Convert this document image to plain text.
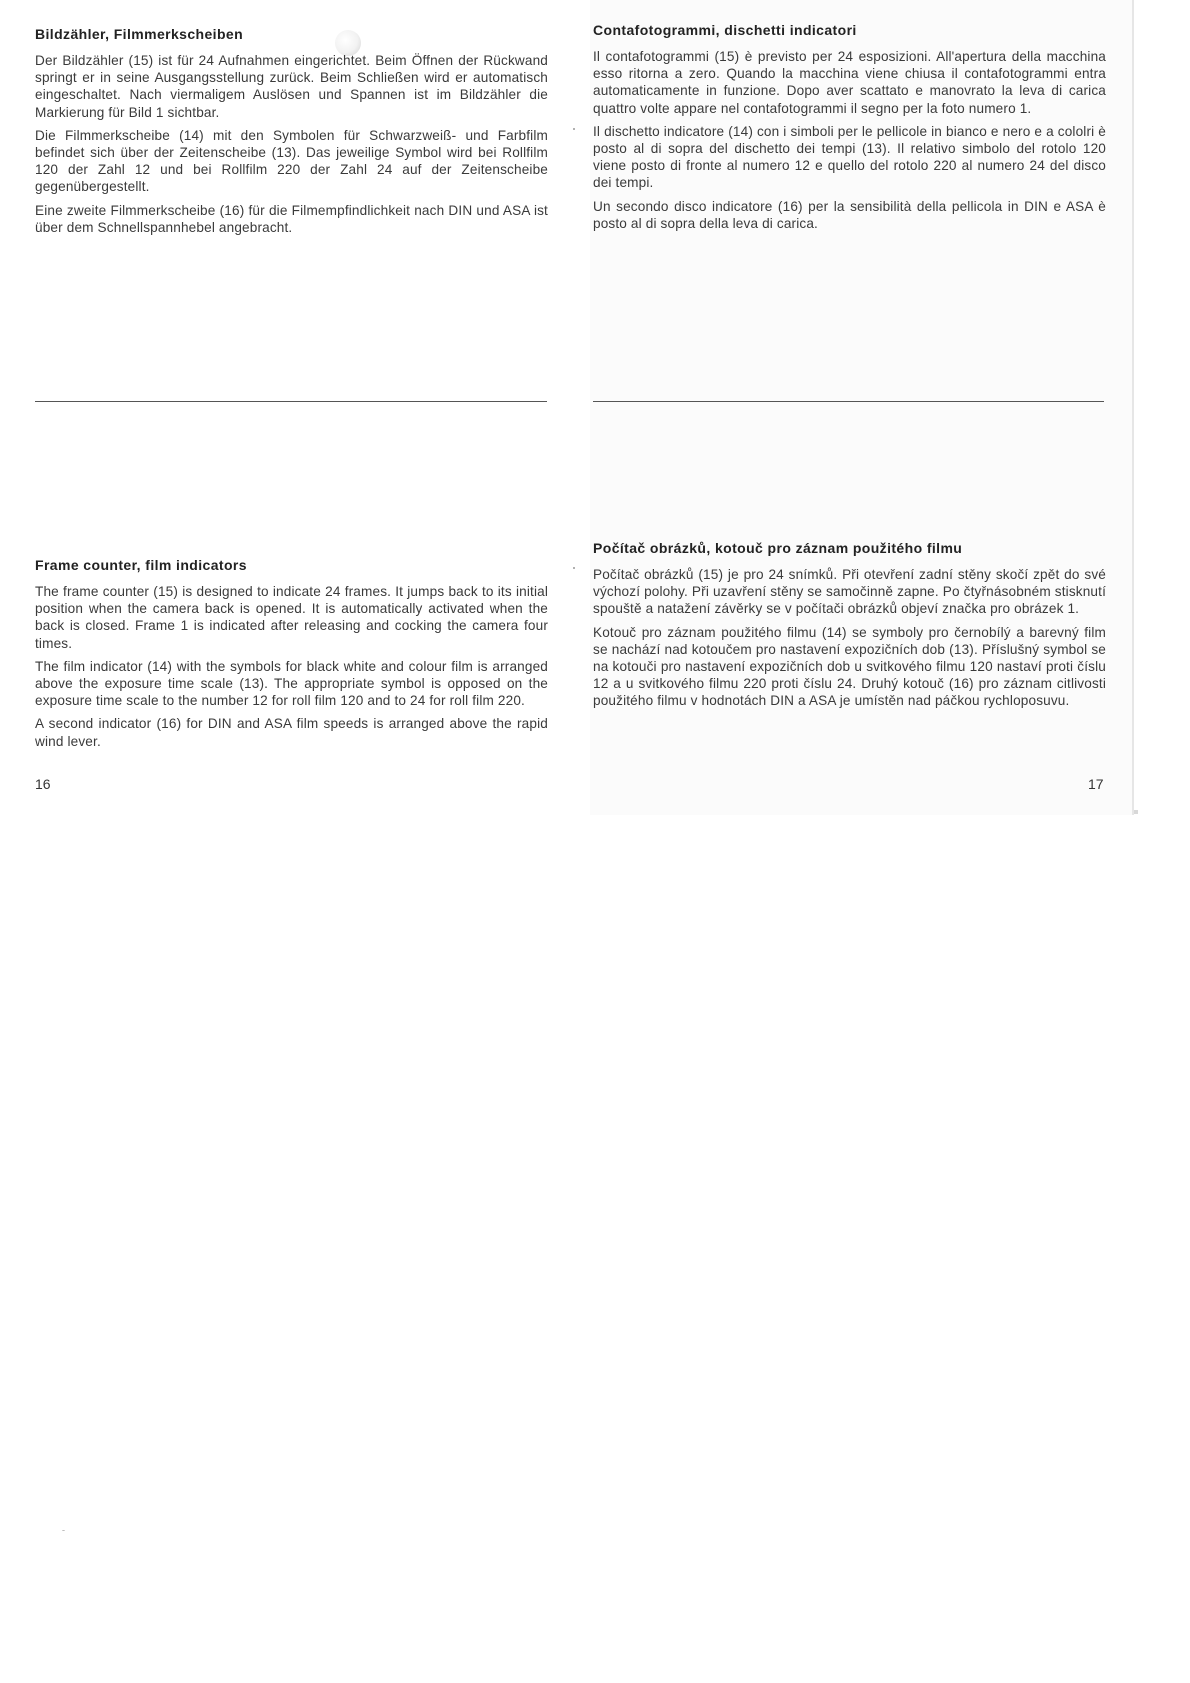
Bildzähler, Filmmerkscheiben

Der Bildzähler (15) ist für 24 Aufnahmen eingerichtet. Beim Öffnen der Rückwand springt er in seine Ausgangsstellung zurück. Beim Schließen wird er automatisch eingeschaltet. Nach viermaligem Auslösen und Spannen ist im Bildzähler die Markierung für Bild 1 sichtbar.

Die Filmmerkscheibe (14) mit den Symbolen für Schwarzweiß- und Farbfilm befindet sich über der Zeitenscheibe (13). Das jeweilige Symbol wird bei Rollfilm 120 der Zahl 12 und bei Rollfilm 220 der Zahl 24 auf der Zeitenscheibe gegenübergestellt.

Eine zweite Filmmerkscheibe (16) für die Filmempfindlichkeit nach DIN und ASA ist über dem Schnellspannhebel angebracht.

Contafotogrammi, dischetti indicatori

Il contafotogrammi (15) è previsto per 24 esposizioni. All'apertura della macchina esso ritorna a zero. Quando la macchina viene chiusa il contafotogrammi entra automaticamente in funzione. Dopo aver scattato e manovrato la leva di carica quattro volte appare nel contafotogrammi il segno per la foto numero 1.

Il dischetto indicatore (14) con i simboli per le pellicole in bianco e nero e a cololri è posto al di sopra del dischetto dei tempi (13). Il relativo simbolo del rotolo 120 viene posto di fronte al numero 12 e quello del rotolo 220 al numero 24 del disco dei tempi.

Un secondo disco indicatore (16) per la sensibilità della pellicola in DIN e ASA è posto al di sopra della leva di carica.

Frame counter, film indicators

The frame counter (15) is designed to indicate 24 frames. It jumps back to its initial position when the camera back is opened. It is automatically activated when the back is closed. Frame 1 is indicated after releasing and cocking the camera four times.

The film indicator (14) with the symbols for black white and colour film is arranged above the exposure time scale (13). The appropriate symbol is opposed on the exposure time scale to the number 12 for roll film 120 and to 24 for roll film 220.

A second indicator (16) for DIN and ASA film speeds is arranged above the rapid wind lever.

Počítač obrázků, kotouč pro záznam použitého filmu

Počítač obrázků (15) je pro 24 snímků. Při otevření zadní stěny skočí zpět do své výchozí polohy. Při uzavření stěny se samočinně zapne. Po čtyřnásobném stisknutí spouště a natažení závěrky se v počítači obrázků objeví značka pro obrázek 1.

Kotouč pro záznam použitého filmu (14) se symboly pro černobílý a barevný film se nachází nad kotoučem pro nastavení expozičních dob (13). Příslušný symbol se na kotouči pro nastavení expozičních dob u svitkového filmu 120 nastaví proti číslu 12 a u svitkového filmu 220 proti číslu 24. Druhý kotouč (16) pro záznam citlivosti použitého filmu v hodnotách DIN a ASA je umístěn nad páčkou rychloposuvu.

16	17
